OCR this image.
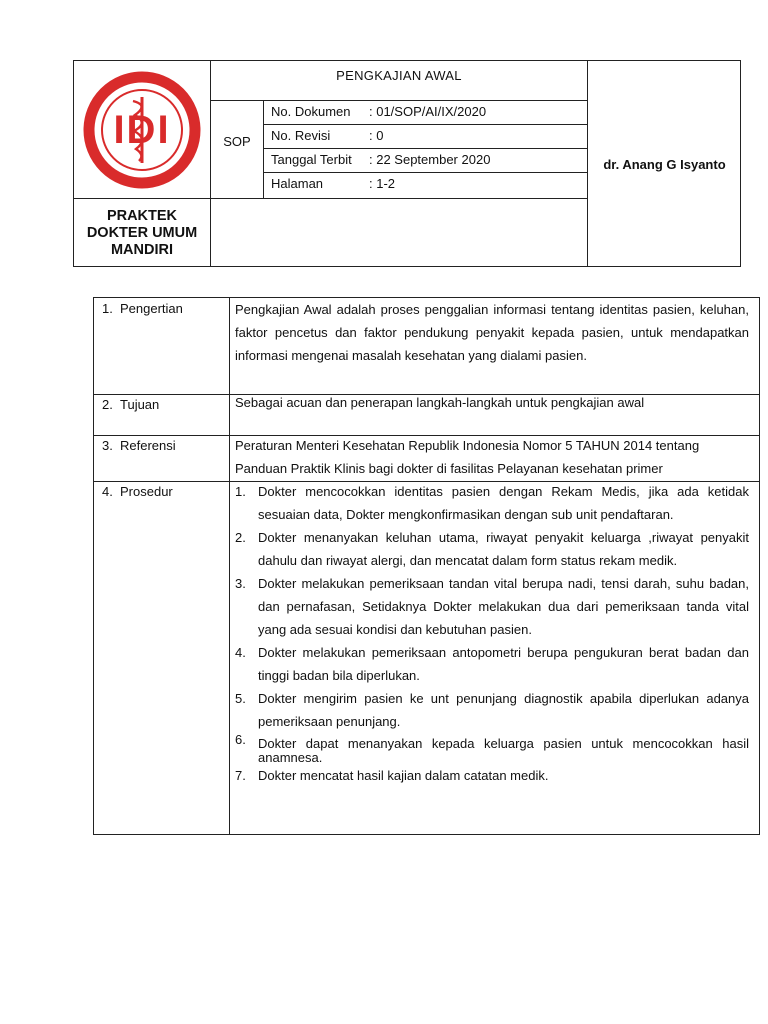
IDI
PRAKTEK
DOKTER UMUM
MANDIRI
PENGKAJIAN AWAL
SOP
No. Dokumen : 01/SOP/AI/IX/2020
No. Revisi	: 0
Tanggal Terbit : 22 September 2020
Halaman	: 1-2
dr. Anang G Isyanto
1. Pengertian	Pengkajian Awal adalah proses penggalian informasi tentang identitas pasien, keluhan, faktor pencetus dan faktor pendukung penyakit kepada pasien, untuk mendapatkan informasi mengenai masalah kesehatan yang dialami pasien.
2. Tujuan	Sebagai acuan dan penerapan langkah-langkah untuk pengkajian awal
3. Referensi	Peraturan Menteri Kesehatan Republik Indonesia Nomor 5 TAHUN 2014 tentang Panduan Praktik Klinis bagi dokter di fasilitas Pelayanan kesehatan primer
4. Prosedur	1. Dokter mencocokkan identitas pasien dengan Rekam Medis, jika ada ketidak sesuaian data, Dokter mengkonfirmasikan dengan sub unit pendaftaran.
2. Dokter menanyakan keluhan utama, riwayat penyakit keluarga ,riwayat penyakit dahulu dan riwayat alergi, dan mencatat dalam form status rekam medik.
3. Dokter melakukan pemeriksaan tandan vital berupa nadi, tensi darah, suhu badan, dan pernafasan, Setidaknya Dokter melakukan dua dari pemeriksaan tanda vital yang ada sesuai kondisi dan kebutuhan pasien.
4. Dokter melakukan pemeriksaan antopometri berupa pengukuran berat badan dan tinggi badan bila diperlukan.
5. Dokter mengirim pasien ke unt penunjang diagnostik apabila diperlukan adanya pemeriksaan penunjang.
6. Dokter dapat menanyakan kepada keluarga pasien untuk mencocokkan hasil anamnesa.
7. Dokter mencatat hasil kajian dalam catatan medik.
